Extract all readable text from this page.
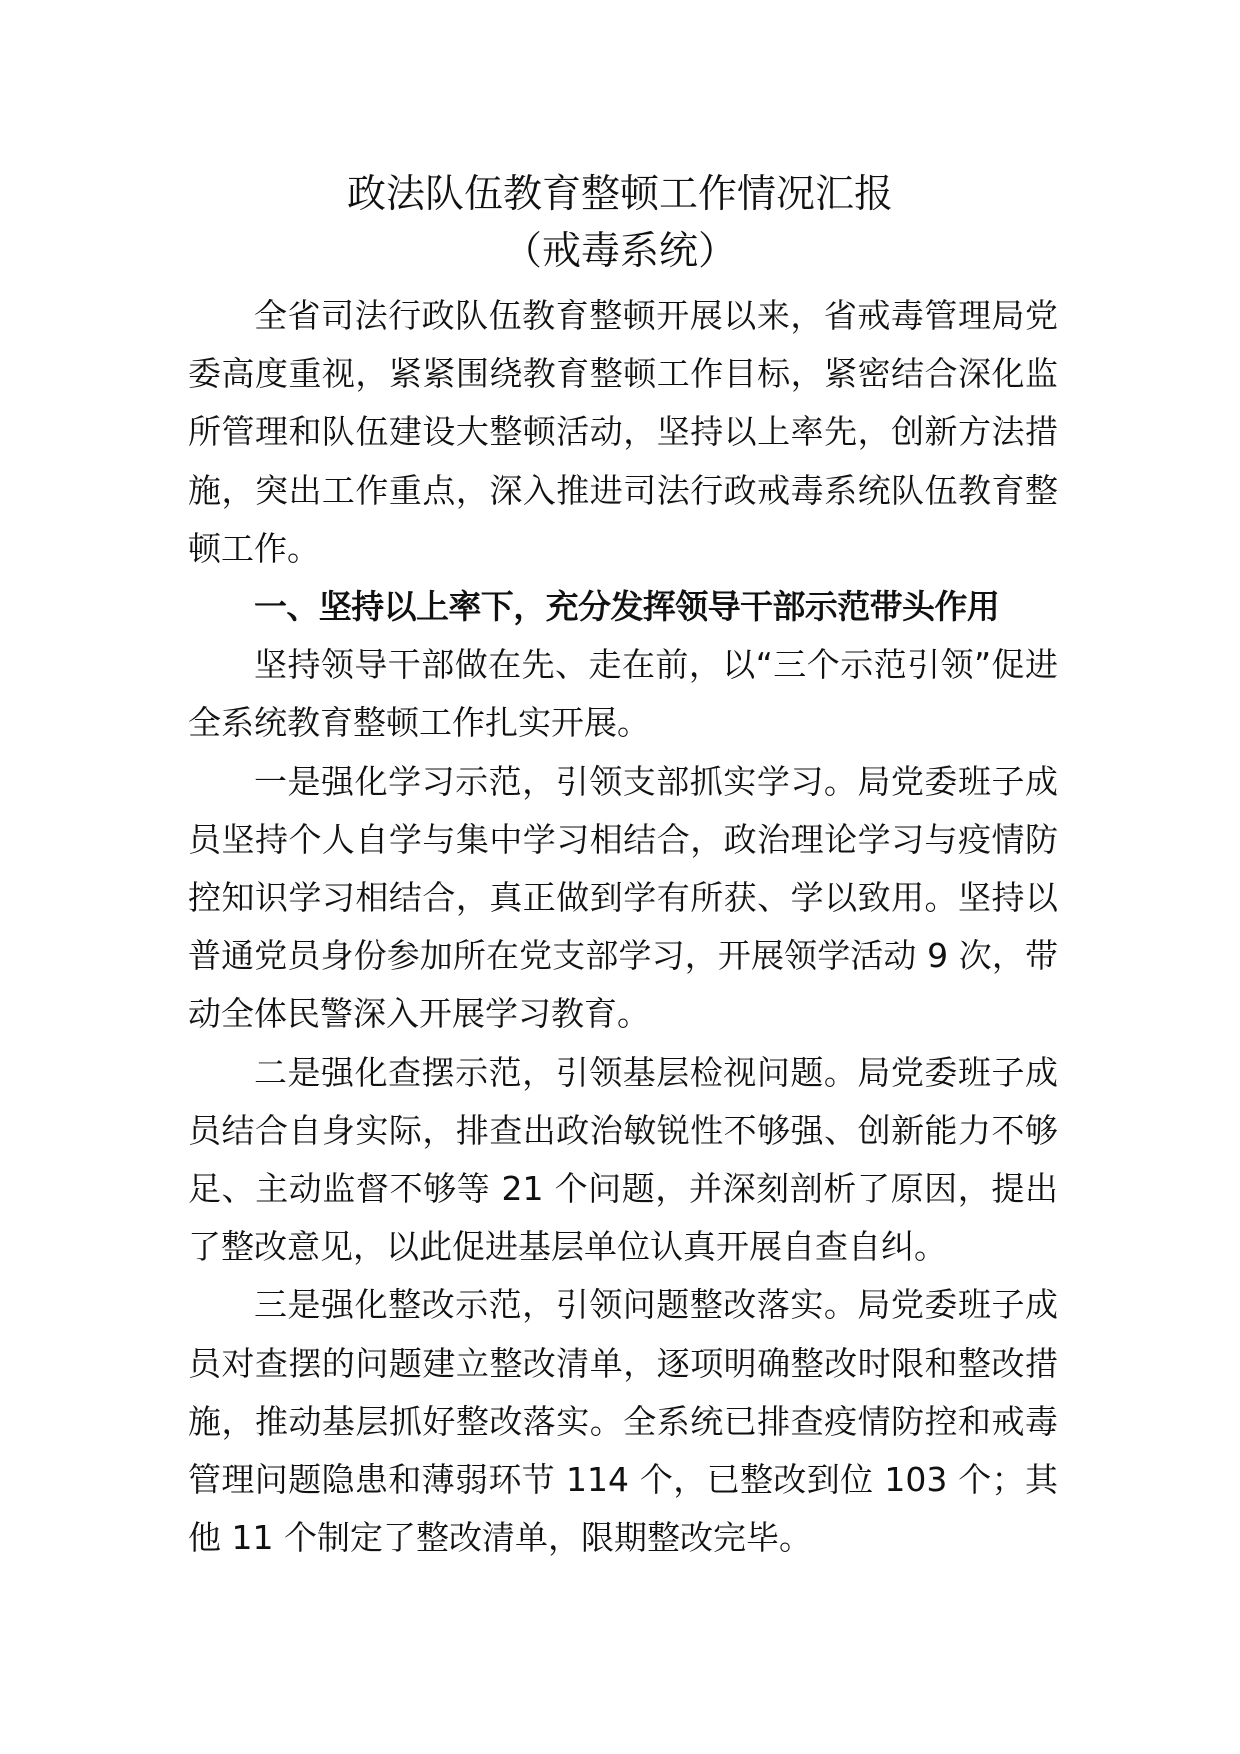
政法队伍教育整顿工作情况汇报
（戒毒系统）

全省司法行政队伍教育整顿开展以来，省戒毒管理局党委高度重视，紧紧围绕教育整顿工作目标，紧密结合深化监所管理和队伍建设大整顿活动，坚持以上率先，创新方法措施，突出工作重点，深入推进司法行政戒毒系统队伍教育整顿工作。

一、坚持以上率下，充分发挥领导干部示范带头作用

坚持领导干部做在先、走在前，以“三个示范引领”促进全系统教育整顿工作扎实开展。

一是强化学习示范，引领支部抓实学习。局党委班子成员坚持个人自学与集中学习相结合，政治理论学习与疫情防控知识学习相结合，真正做到学有所获、学以致用。坚持以普通党员身份参加所在党支部学习，开展领学活动 9 次，带动全体民警深入开展学习教育。

二是强化查摆示范，引领基层检视问题。局党委班子成员结合自身实际，排查出政治敏锐性不够强、创新能力不够足、主动监督不够等 21 个问题，并深刻剖析了原因，提出了整改意见，以此促进基层单位认真开展自查自纠。

三是强化整改示范，引领问题整改落实。局党委班子成员对查摆的问题建立整改清单，逐项明确整改时限和整改措施，推动基层抓好整改落实。全系统已排查疫情防控和戒毒管理问题隐患和薄弱环节 114 个，已整改到位 103 个；其他 11 个制定了整改清单，限期整改完毕。
